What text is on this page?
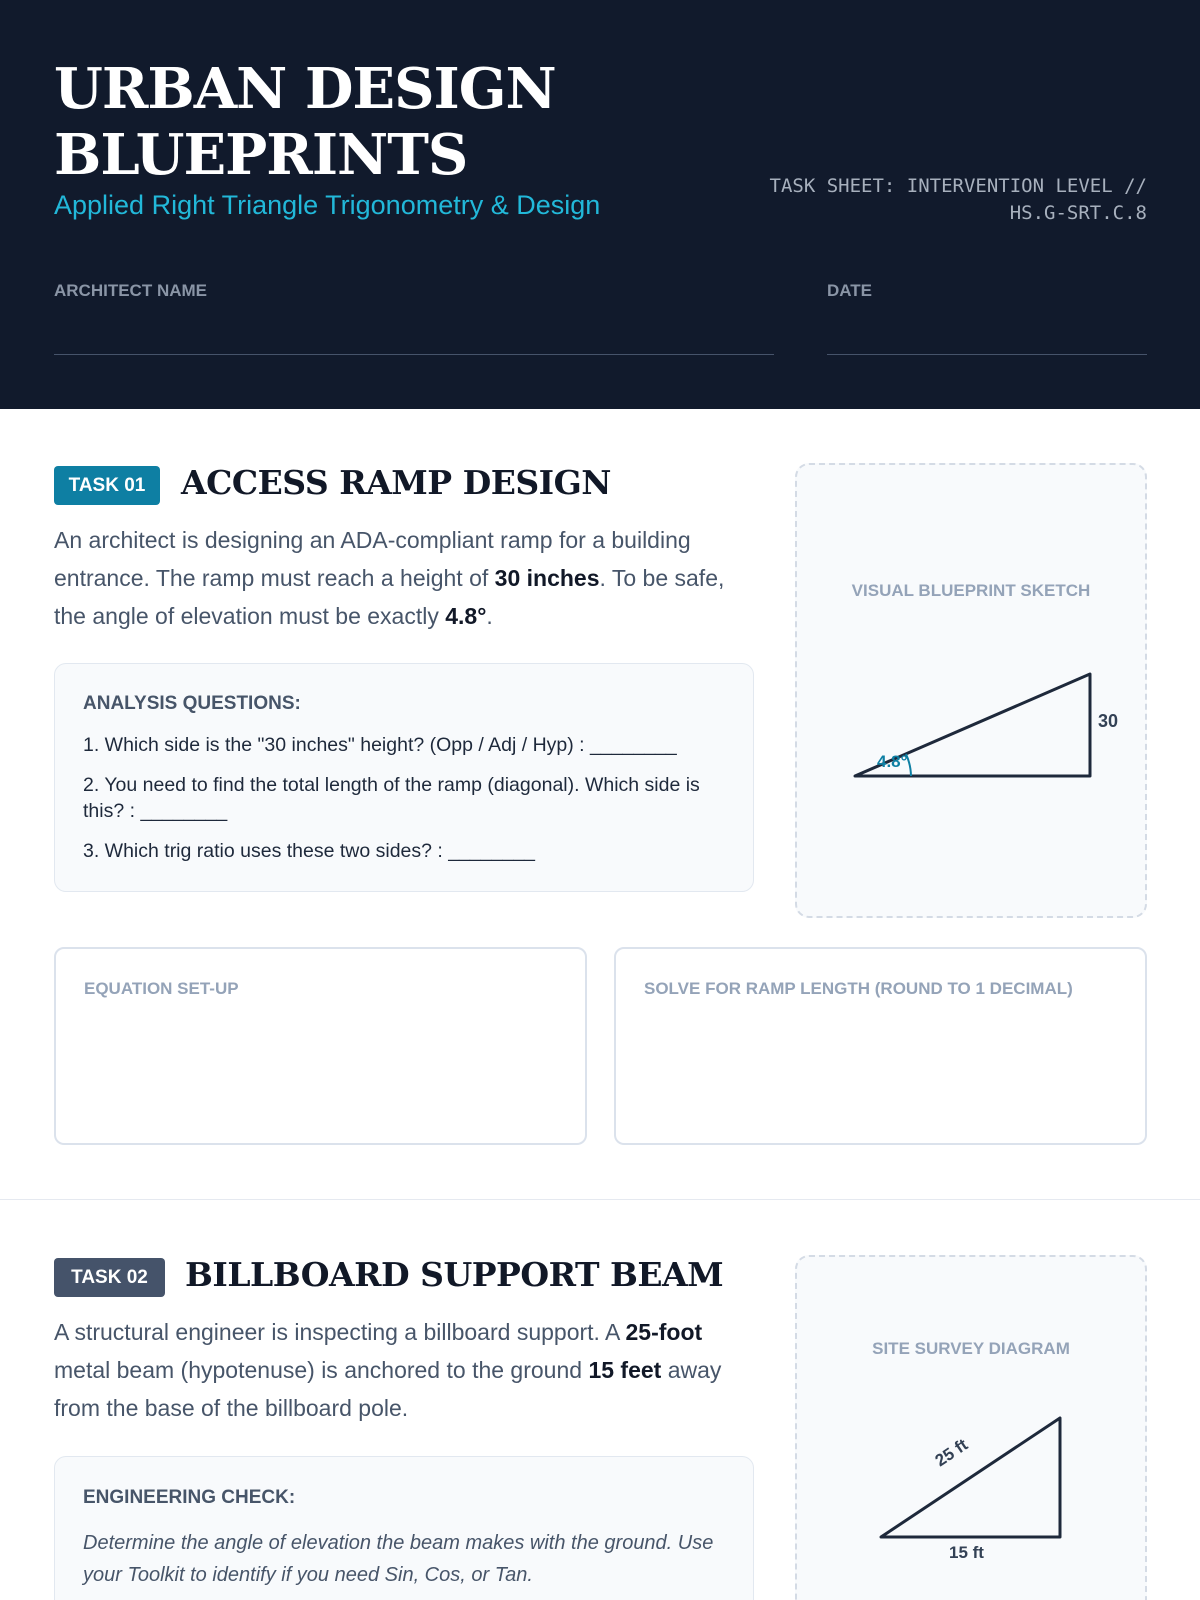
URBAN DESIGN BLUEPRINTS
Applied Right Triangle Trigonometry & Design
TASK SHEET: INTERVENTION LEVEL // HS.G-SRT.C.8
ARCHITECT NAME	DATE
TASK 01	ACCESS RAMP DESIGN
An architect is designing an ADA-compliant ramp for a building entrance. The ramp must reach a height of 30 inches. To be safe, the angle of elevation must be exactly 4.8°.
ANALYSIS QUESTIONS:
1. Which side is the "30 inches" height? (Opp / Adj / Hyp) : ________
2. You need to find the total length of the ramp (diagonal). Which side is this? : ________
3. Which trig ratio uses these two sides? : ________
VISUAL BLUEPRINT SKETCH
4.8°
30
EQUATION SET-UP	SOLVE FOR RAMP LENGTH (ROUND TO 1 DECIMAL)
TASK 02	BILLBOARD SUPPORT BEAM
A structural engineer is inspecting a billboard support. A 25-foot metal beam (hypotenuse) is anchored to the ground 15 feet away from the base of the billboard pole.
ENGINEERING CHECK:
Determine the angle of elevation the beam makes with the ground. Use your Toolkit to identify if you need Sin, Cos, or Tan.
SITE SURVEY DIAGRAM
25 ft
15 ft
